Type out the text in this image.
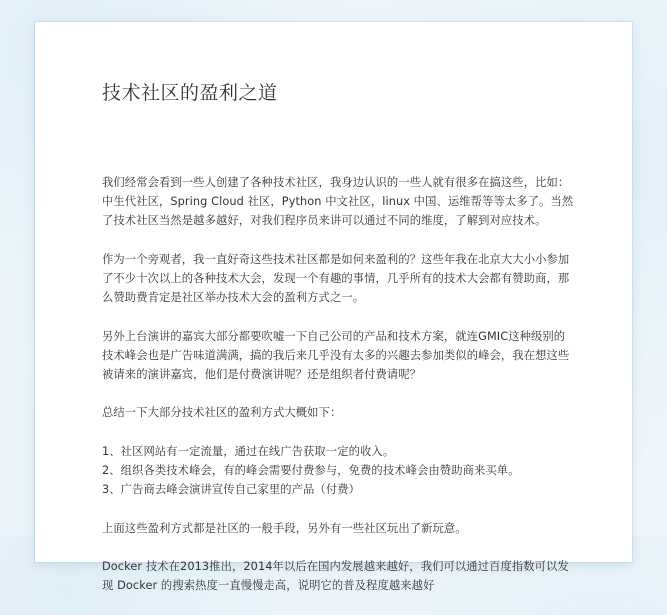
技术社区的盈利之道

我们经常会看到一些人创建了各种技术社区，我身边认识的一些人就有很多在搞这些，比如：中生代社区，Spring Cloud 社区，Python 中文社区，linux 中国、运维帮等等太多了。当然了技术社区当然是越多越好，对我们程序员来讲可以通过不同的维度，了解到对应技术。

作为一个旁观者，我一直好奇这些技术社区都是如何来盈利的？这些年我在北京大大小小参加了不少十次以上的各种技术大会，发现一个有趣的事情，几乎所有的技术大会都有赞助商，那么赞助费肯定是社区举办技术大会的盈利方式之一。

另外上台演讲的嘉宾大部分都要吹嘘一下自己公司的产品和技术方案，就连GMIC这种级别的技术峰会也是广告味道满满，搞的我后来几乎没有太多的兴趣去参加类似的峰会，我在想这些被请来的演讲嘉宾，他们是付费演讲呢？还是组织者付费请呢？

总结一下大部分技术社区的盈利方式大概如下：

1、社区网站有一定流量，通过在线广告获取一定的收入。
2、组织各类技术峰会，有的峰会需要付费参与，免费的技术峰会由赞助商来买单。
3、广告商去峰会演讲宣传自己家里的产品（付费）

上面这些盈利方式都是社区的一般手段，另外有一些社区玩出了新玩意。

Docker 技术在2013推出，2014年以后在国内发展越来越好，我们可以通过百度指数可以发现 Docker 的搜索热度一直慢慢走高，说明它的普及程度越来越好
